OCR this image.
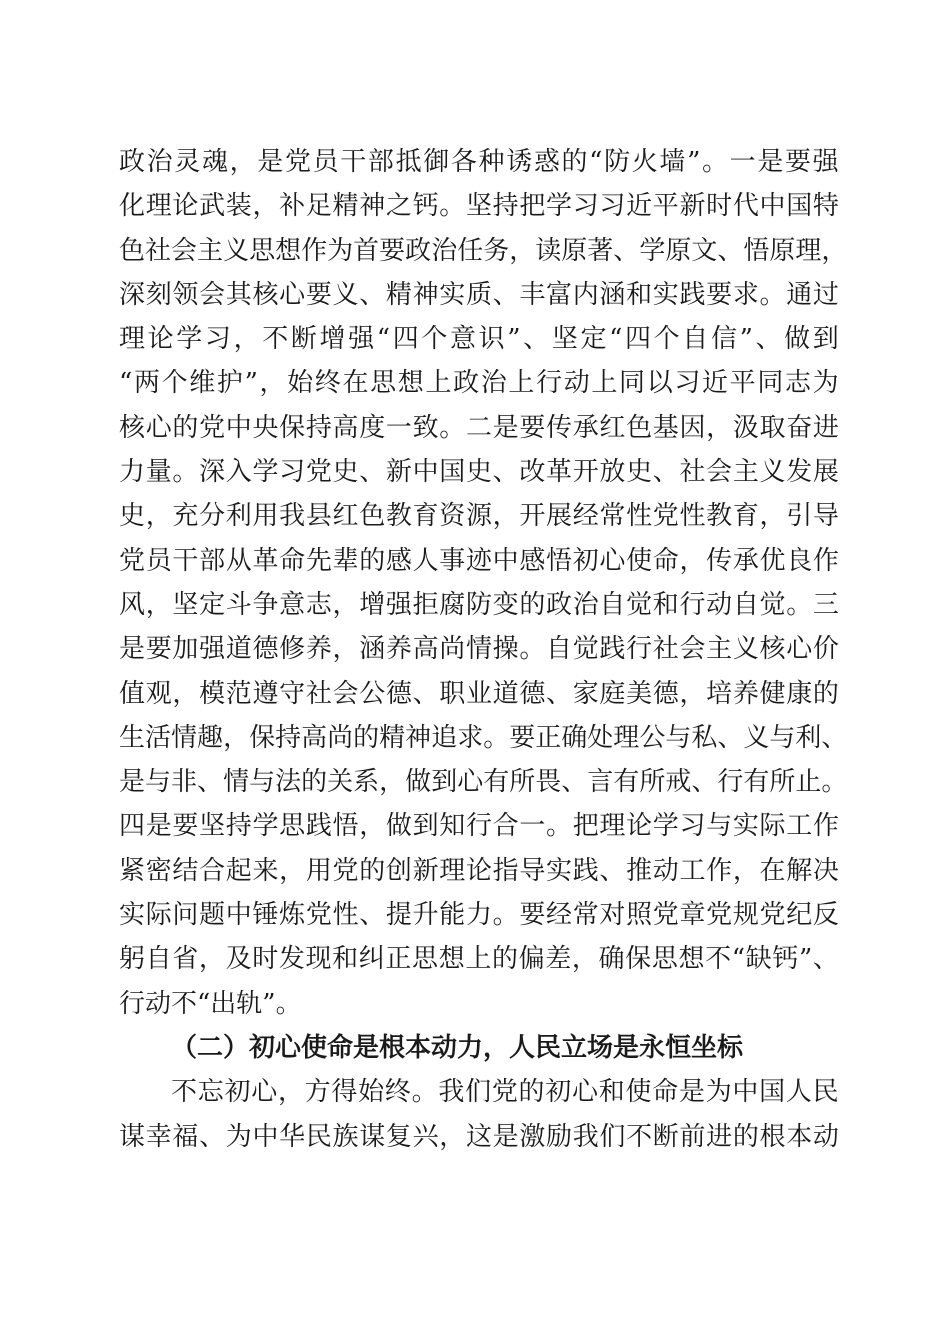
政 治 灵 魂 ， 是 党 员 干 部 抵 御 各 种 诱 惑 的 “ 防 火 墙 ” 。 一 是 要 强
化 理 论 武 装 ， 补 足 精 神 之 钙 。 坚 持 把 学 习 习 近 平 新 时 代 中 国 特
色 社 会 主 义 思 想 作 为 首 要 政 治 任 务 ， 读 原 著 、 学 原 文 、 悟 原 理 ，
深 刻 领 会 其 核 心 要 义 、 精 神 实 质 、 丰 富 内 涵 和 实 践 要 求 。 通 过
理 论 学 习 ， 不 断 增 强 “ 四 个 意 识 ” 、 坚 定 “ 四 个 自 信 ” 、 做 到
“ 两 个 维 护 ” ， 始 终 在 思 想 上 政 治 上 行 动 上 同 以 习 近 平 同 志 为
核 心 的 党 中 央 保 持 高 度 一 致 。 二 是 要 传 承 红 色 基 因 ， 汲 取 奋 进
力 量 。 深 入 学 习 党 史 、 新 中 国 史 、 改 革 开 放 史 、 社 会 主 义 发 展
史 ， 充 分 利 用 我 县 红 色 教 育 资 源 ， 开 展 经 常 性 党 性 教 育 ， 引 导
党 员 干 部 从 革 命 先 辈 的 感 人 事 迹 中 感 悟 初 心 使 命 ， 传 承 优 良 作
风 ， 坚 定 斗 争 意 志 ， 增 强 拒 腐 防 变 的 政 治 自 觉 和 行 动 自 觉 。 三
是 要 加 强 道 德 修 养 ， 涵 养 高 尚 情 操 。 自 觉 践 行 社 会 主 义 核 心 价
值 观 ， 模 范 遵 守 社 会 公 德 、 职 业 道 德 、 家 庭 美 德 ， 培 养 健 康 的
生 活 情 趣 ， 保 持 高 尚 的 精 神 追 求 。 要 正 确 处 理 公 与 私 、 义 与 利 、
是 与 非 、 情 与 法 的 关 系 ， 做 到 心 有 所 畏 、 言 有 所 戒 、 行 有 所 止 。
四 是 要 坚 持 学 思 践 悟 ， 做 到 知 行 合 一 。 把 理 论 学 习 与 实 际 工 作
紧 密 结 合 起 来 ， 用 党 的 创 新 理 论 指 导 实 践 、 推 动 工 作 ， 在 解 决
实 际 问 题 中 锤 炼 党 性 、 提 升 能 力 。 要 经 常 对 照 党 章 党 规 党 纪 反
躬 自 省 ， 及 时 发 现 和 纠 正 思 想 上 的 偏 差 ， 确 保 思 想 不 “ 缺 钙 ” 、
行动不“出轨”。
（二）初心使命是根本动力，人民立场是永恒坐标
不 忘 初 心 ， 方 得 始 终 。 我 们 党 的 初 心 和 使 命 是 为 中 国 人 民
谋 幸 福 、 为 中 华 民 族 谋 复 兴 ， 这 是 激 励 我 们 不 断 前 进 的 根 本 动
